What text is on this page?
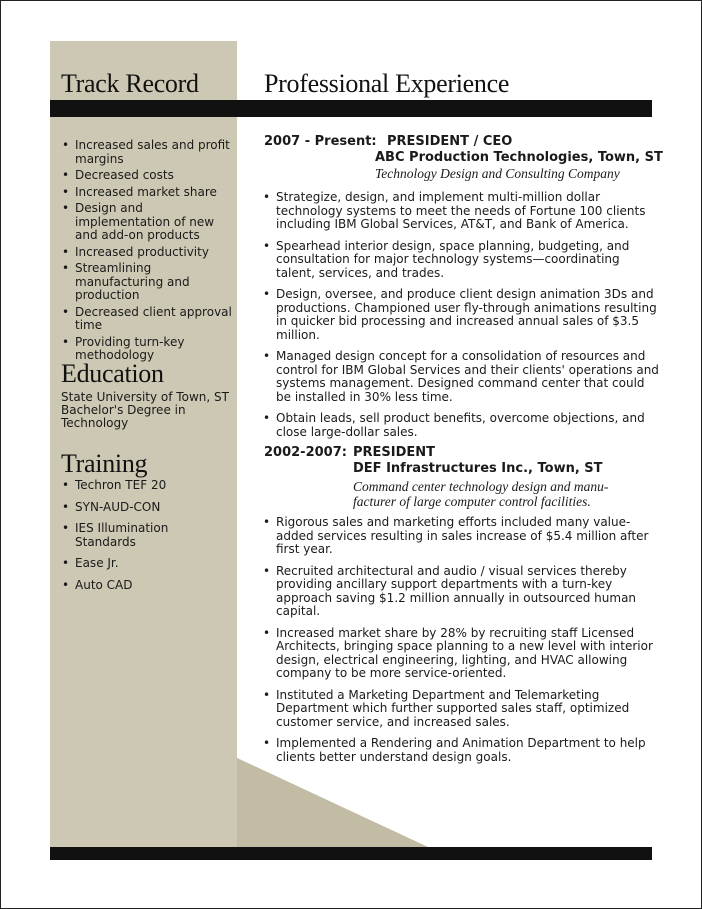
Track Record
• Increased sales and profit margins
• Decreased costs
• Increased market share
• Design and implementation of new and add-on products
• Increased productivity
• Streamlining manufacturing and production
• Decreased client approval time
• Providing turn-key methodology
Education

State University of Town, ST

Bachelor's Degree in

Technology

Training
• Techron TEF 20
• SYN-AUD-CON
• IES Illumination Standards
• Ease Jr.
• Auto CAD
Professional Experience
2007 - Present: PRESIDENT / CEO
ABC Production Technologies, Town, ST
Technology Design and Consulting Company
• Strategize, design, and implement multi-million dollar technology systems to meet the needs of Fortune 100 clients including IBM Global Services, AT&T, and Bank of America.
• Spearhead interior design, space planning, budgeting, and consultation for major technology systems—coordinating talent, services, and trades.
• Design, oversee, and produce client design animation 3Ds and productions. Championed user fly-through animations resulting in quicker bid processing and increased annual sales of $3.5 million.
• Managed design concept for a consolidation of resources and control for IBM Global Services and their clients' operations and systems management. Designed command center that could be installed in 30% less time.
• Obtain leads, sell product benefits, overcome objections, and close large-dollar sales.
2002-2007: PRESIDENT
DEF Infrastructures Inc., Town, ST
Command center technology design and manu-
facturer of large computer control facilities.
• Rigorous sales and marketing efforts included many value-added services resulting in sales increase of $5.4 million after first year.
• Recruited architectural and audio / visual services thereby providing ancillary support departments with a turn-key approach saving $1.2 million annually in outsourced human capital.
• Increased market share by 28% by recruiting staff Licensed Architects, bringing space planning to a new level with interior design, electrical engineering, lighting, and HVAC allowing company to be more service-oriented.
• Instituted a Marketing Department and Telemarketing Department which further supported sales staff, optimized customer service, and increased sales.
• Implemented a Rendering and Animation Department to help clients better understand design goals.
